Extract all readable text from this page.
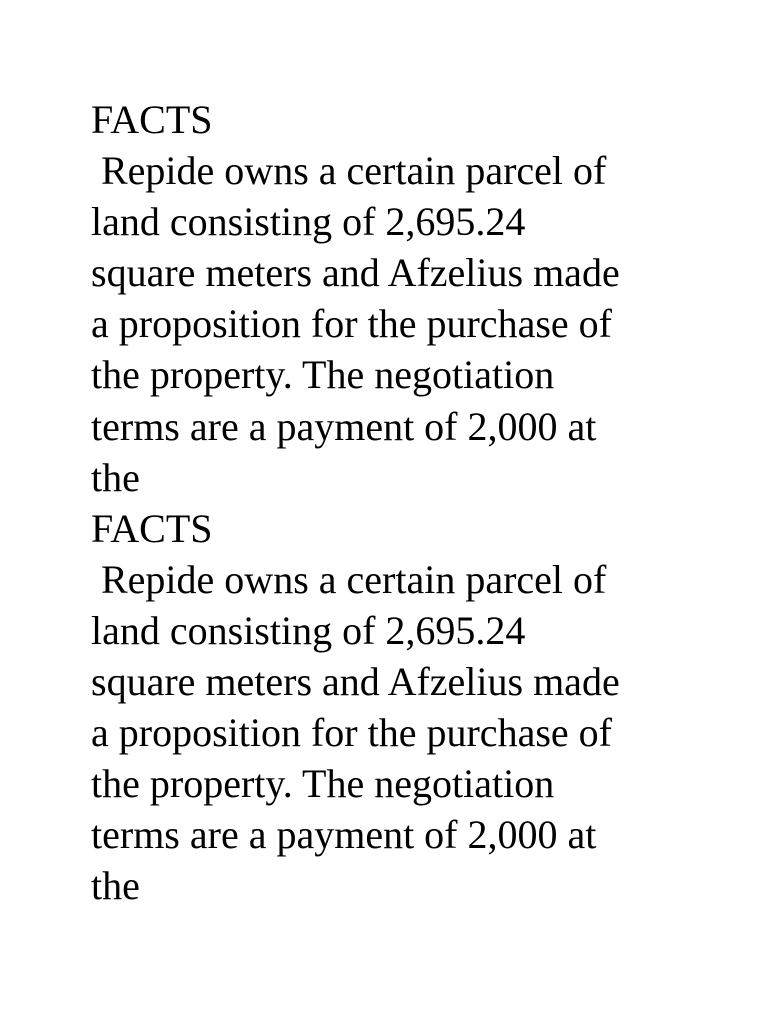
FACTS
Repide owns a certain parcel of
land consisting of 2,695.24
square meters and Afzelius made
a proposition for the purchase of
the property. The negotiation
terms are a payment of 2,000 at
the
FACTS
Repide owns a certain parcel of
land consisting of 2,695.24
square meters and Afzelius made
a proposition for the purchase of
the property. The negotiation
terms are a payment of 2,000 at
the
